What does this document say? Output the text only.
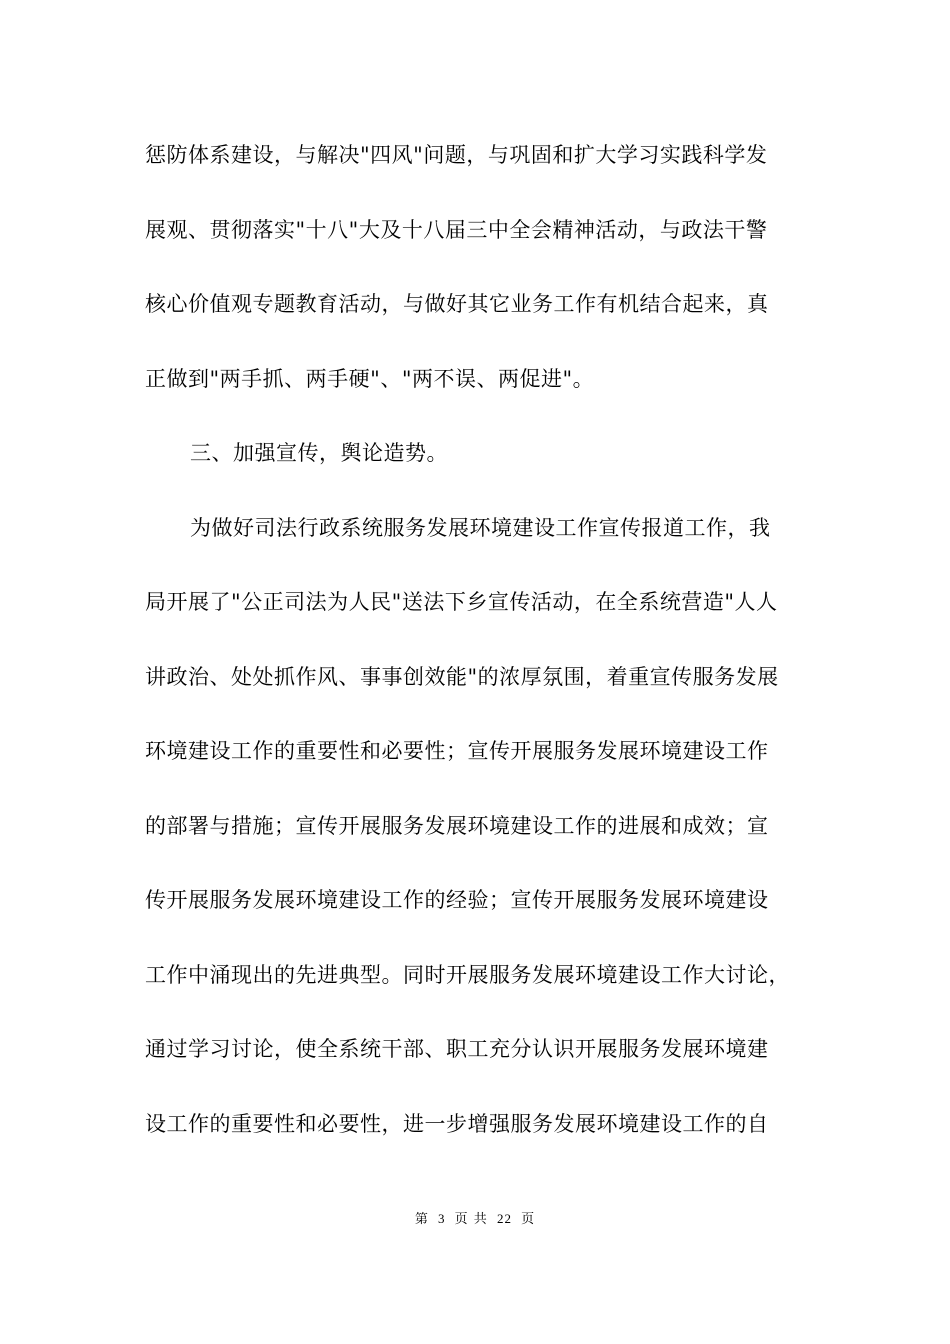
惩防体系建设，与解决"四风"问题，与巩固和扩大学习实践科学发
展观、贯彻落实"十八"大及十八届三中全会精神活动，与政法干警
核心价值观专题教育活动，与做好其它业务工作有机结合起来，真
正做到"两手抓、两手硬"、"两不误、两促进"。
三、加强宣传，舆论造势。
为做好司法行政系统服务发展环境建设工作宣传报道工作，我
局开展了"公正司法为人民"送法下乡宣传活动，在全系统营造"人人
讲政治、处处抓作风、事事创效能"的浓厚氛围，着重宣传服务发展
环境建设工作的重要性和必要性；宣传开展服务发展环境建设工作
的部署与措施；宣传开展服务发展环境建设工作的进展和成效；宣
传开展服务发展环境建设工作的经验；宣传开展服务发展环境建设
工作中涌现出的先进典型。同时开展服务发展环境建设工作大讨论，
通过学习讨论，使全系统干部、职工充分认识开展服务发展环境建
设工作的重要性和必要性，进一步增强服务发展环境建设工作的自
第 3 页 共 22 页
